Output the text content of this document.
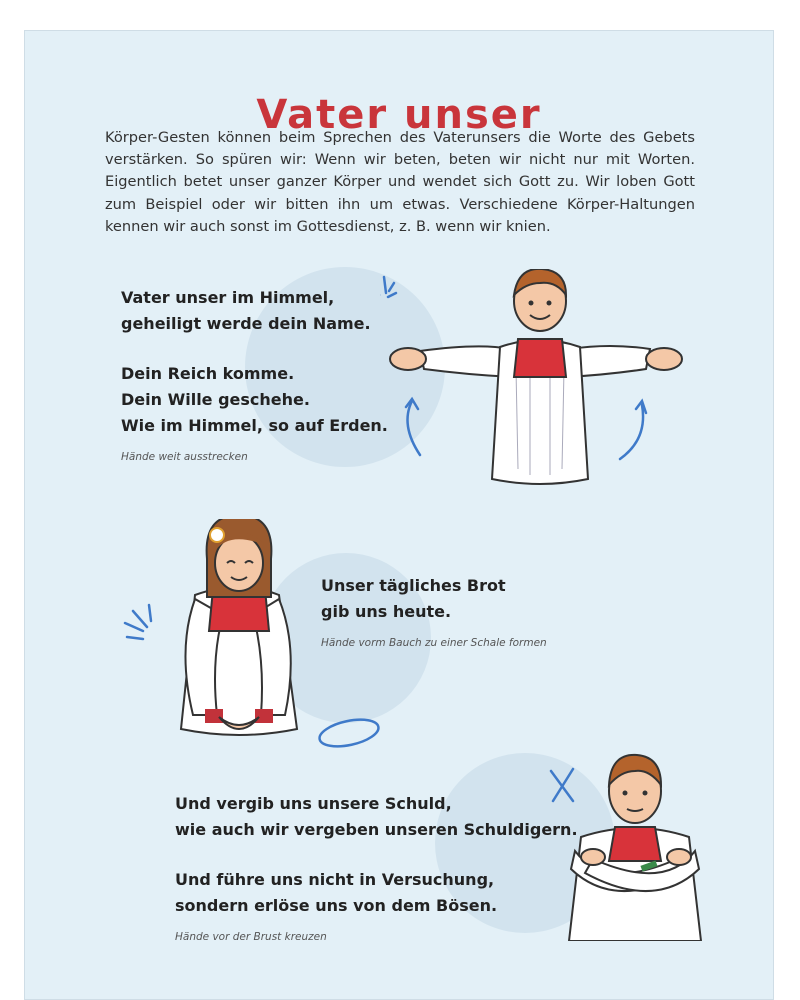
Vater unser

Körper-Gesten können beim Sprechen des Vaterunsers die Worte des Gebets verstärken. So spüren wir: Wenn wir beten, beten wir nicht nur mit Worten. Eigentlich betet unser ganzer Körper und wendet sich Gott zu. Wir loben Gott zum Beispiel oder wir bitten ihn um etwas. Verschiedene Körper-Haltungen kennen wir auch sonst im Gottesdienst, z. B. wenn wir knien.

Vater unser im Himmel,
geheiligt werde dein Name.
Dein Reich komme.
Dein Wille geschehe.
Wie im Himmel, so auf Erden.
Hände weit ausstrecken
Unser tägliches Brot
gib uns heute.
Hände vorm Bauch zu einer Schale formen
Und vergib uns unsere Schuld,
wie auch wir vergeben unseren Schuldigern.
Und führe uns nicht in Versuchung,
sondern erlöse uns von dem Bösen.
Hände vor der Brust kreuzen
